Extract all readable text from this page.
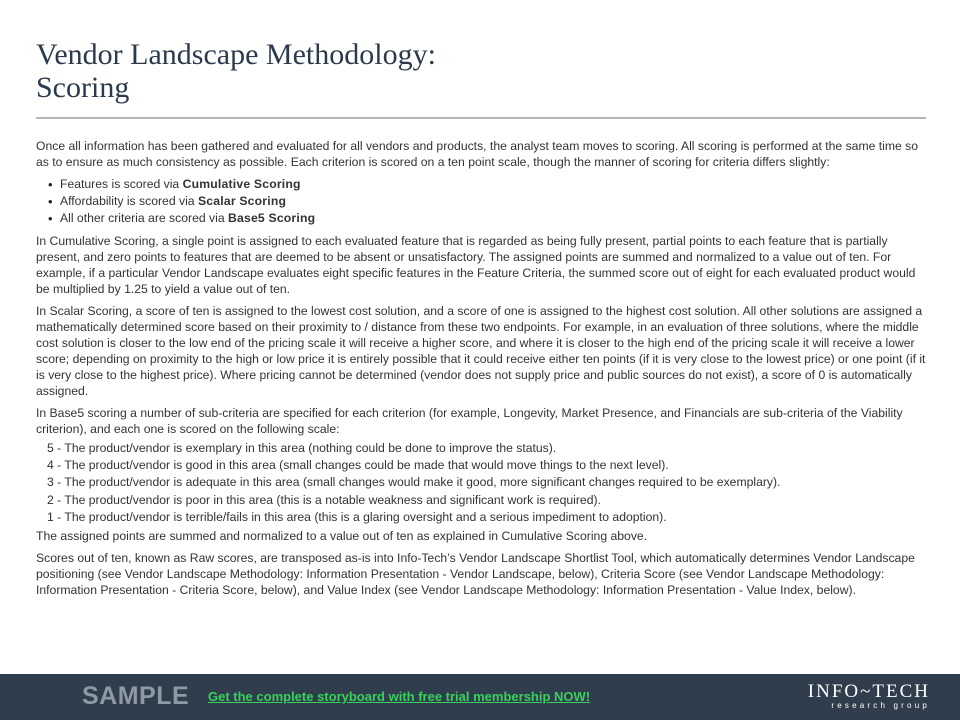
Vendor Landscape Methodology:
Scoring

Once all information has been gathered and evaluated for all vendors and products, the analyst team moves to scoring. All scoring is performed at the same time so as to ensure as much consistency as possible. Each criterion is scored on a ten point scale, though the manner of scoring for criteria differs slightly:

• Features is scored via Cumulative Scoring
• Affordability is scored via Scalar Scoring
• All other criteria are scored via Base5 Scoring

In Cumulative Scoring, a single point is assigned to each evaluated feature that is regarded as being fully present, partial points to each feature that is partially present, and zero points to features that are deemed to be absent or unsatisfactory. The assigned points are summed and normalized to a value out of ten. For example, if a particular Vendor Landscape evaluates eight specific features in the Feature Criteria, the summed score out of eight for each evaluated product would be multiplied by 1.25 to yield a value out of ten.

In Scalar Scoring, a score of ten is assigned to the lowest cost solution, and a score of one is assigned to the highest cost solution. All other solutions are assigned a mathematically determined score based on their proximity to / distance from these two endpoints. For example, in an evaluation of three solutions, where the middle cost solution is closer to the low end of the pricing scale it will receive a higher score, and where it is closer to the high end of the pricing scale it will receive a lower score; depending on proximity to the high or low price it is entirely possible that it could receive either ten points (if it is very close to the lowest price) or one point (if it is very close to the highest price). Where pricing cannot be determined (vendor does not supply price and public sources do not exist), a score of 0 is automatically assigned.

In Base5 scoring a number of sub-criteria are specified for each criterion (for example, Longevity, Market Presence, and Financials are sub-criteria of the Viability criterion), and each one is scored on the following scale:

5 - The product/vendor is exemplary in this area (nothing could be done to improve the status).
4 - The product/vendor is good in this area (small changes could be made that would move things to the next level).
3 - The product/vendor is adequate in this area (small changes would make it good, more significant changes required to be exemplary).
2 - The product/vendor is poor in this area (this is a notable weakness and significant work is required).
1 - The product/vendor is terrible/fails in this area (this is a glaring oversight and a serious impediment to adoption).

The assigned points are summed and normalized to a value out of ten as explained in Cumulative Scoring above.

Scores out of ten, known as Raw scores, are transposed as-is into Info-Tech’s Vendor Landscape Shortlist Tool, which automatically determines Vendor Landscape positioning (see Vendor Landscape Methodology: Information Presentation - Vendor Landscape, below), Criteria Score (see Vendor Landscape Methodology: Information Presentation - Criteria Score, below), and Value Index (see Vendor Landscape Methodology: Information Presentation - Value Index, below).

SAMPLE Get the complete storyboard with free trial membership NOW!	INFO~TECH
research group
